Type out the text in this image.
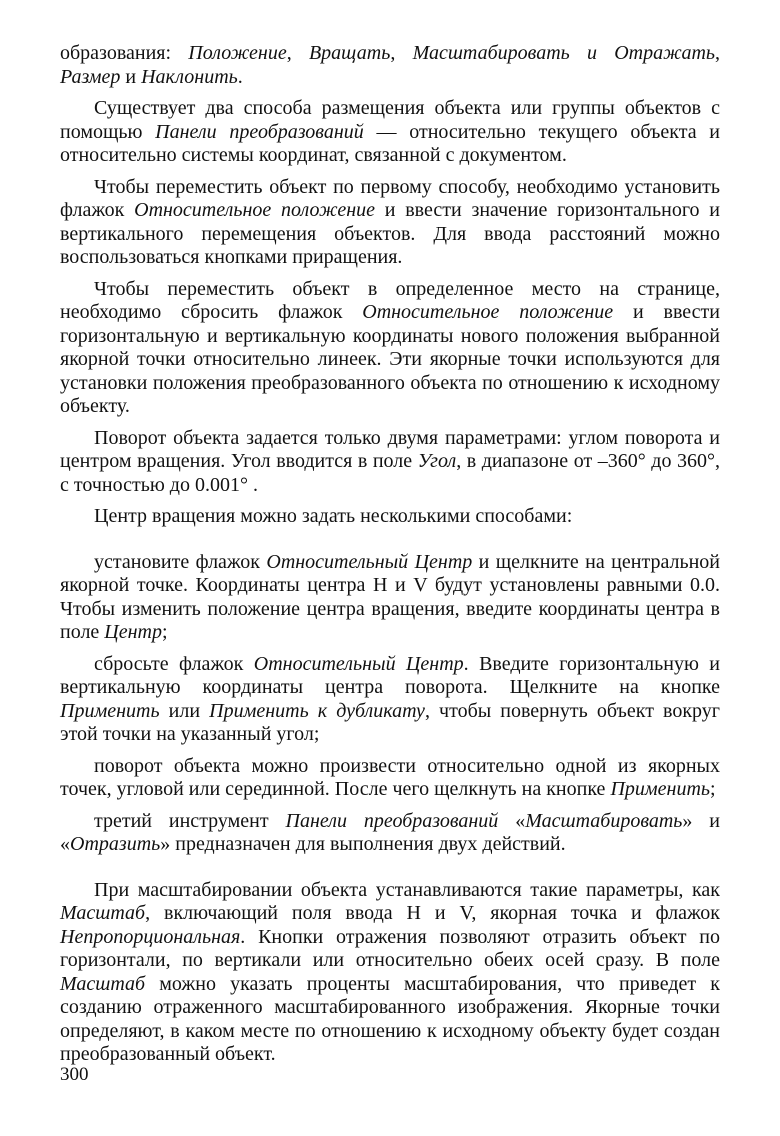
образования: Положение, Вращать, Масштабировать и Отражать, Размер и Наклонить.

Существует два способа размещения объекта или группы объектов с помощью Панели преобразований — относительно текущего объекта и относительно системы координат, связанной с документом.

Чтобы переместить объект по первому способу, необходимо установить флажок Относительное положение и ввести значение горизонтального и вертикального перемещения объектов. Для ввода расстояний можно воспользоваться кнопками приращения.

Чтобы переместить объект в определенное место на странице, необходимо сбросить флажок Относительное положение и ввести горизонтальную и вертикальную координаты нового положения выбранной якорной точки относительно линеек. Эти якорные точки используются для установки положения преобразованного объекта по отношению к исходному объекту.

Поворот объекта задается только двумя параметрами: углом поворота и центром вращения. Угол вводится в поле Угол, в диапазоне от –360° до 360°, с точностью до 0.001° .

Центр вращения можно задать несколькими способами:

установите флажок Относительный Центр и щелкните на центральной якорной точке. Координаты центра H и V будут установлены равными 0.0. Чтобы изменить положение центра вращения, введите координаты центра в поле Центр;

сбросьте флажок Относительный Центр. Введите горизонтальную и вертикальную координаты центра поворота. Щелкните на кнопке Применить или Применить к дубликату, чтобы повернуть объект вокруг этой точки на указанный угол;

поворот объекта можно произвести относительно одной из якорных точек, угловой или серединной. После чего щелкнуть на кнопке Применить;

третий инструмент Панели преобразований «Масштабировать» и «Отразить» предназначен для выполнения двух действий.

При масштабировании объекта устанавливаются такие параметры, как Масштаб, включающий поля ввода H и V, якорная точка и флажок Непропорциональная. Кнопки отражения позволяют отразить объект по горизонтали, по вертикали или относительно обеих осей сразу. В поле Масштаб можно указать проценты масштабирования, что приведет к созданию отраженного масштабированного изображения. Якорные точки определяют, в каком месте по отношению к исходному объекту будет создан преобразованный объект.

300
